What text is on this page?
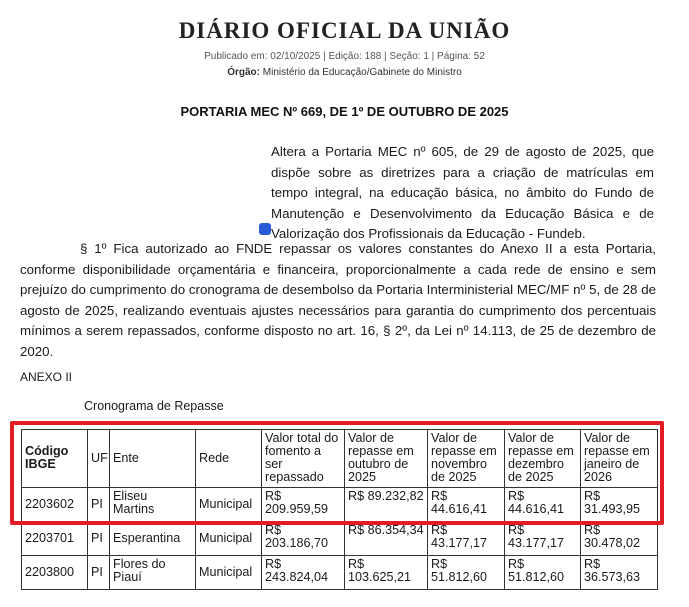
DIÁRIO OFICIAL DA UNIÃO
Publicado em: 02/10/2025 | Edição: 188 | Seção: 1 | Página: 52
Órgão: Ministério da Educação/Gabinete do Ministro
PORTARIA MEC Nº 669, DE 1º DE OUTUBRO DE 2025
Altera a Portaria MEC nº 605, de 29 de agosto de 2025, que dispõe sobre as diretrizes para a criação de matrículas em tempo integral, na educação básica, no âmbito do Fundo de Manutenção e Desenvolvimento da Educação Básica e de Valorização dos Profissionais da Educação - Fundeb.
§ 1º Fica autorizado ao FNDE repassar os valores constantes do Anexo II a esta Portaria, conforme disponibilidade orçamentária e financeira, proporcionalmente a cada rede de ensino e sem prejuízo do cumprimento do cronograma de desembolso da Portaria Interministerial MEC/MF nº 5, de 28 de agosto de 2025, realizando eventuais ajustes necessários para garantia do cumprimento dos percentuais mínimos a serem repassados, conforme disposto no art. 16, § 2º, da Lei nº 14.113, de 25 de dezembro de 2020.
ANEXO II
Cronograma de Repasse
Código IBGE	UF	Ente	Rede	Valor total do fomento a ser repassado	Valor de repasse em outubro de 2025	Valor de repasse em novembro de 2025	Valor de repasse em dezembro de 2025	Valor de repasse em janeiro de 2026
2203602	PI	Eliseu Martins	Municipal	R$ 209.959,59	R$ 89.232,82	R$ 44.616,41	R$ 44.616,41	R$ 31.493,95
2203701	PI	Esperantina	Municipal	R$ 203.186,70	R$ 86.354,34	R$ 43.177,17	R$ 43.177,17	R$ 30.478,02
2203800	PI	Flores do Piauí	Municipal	R$ 243.824,04	R$ 103.625,21	R$ 51.812,60	R$ 51.812,60	R$ 36.573,63
